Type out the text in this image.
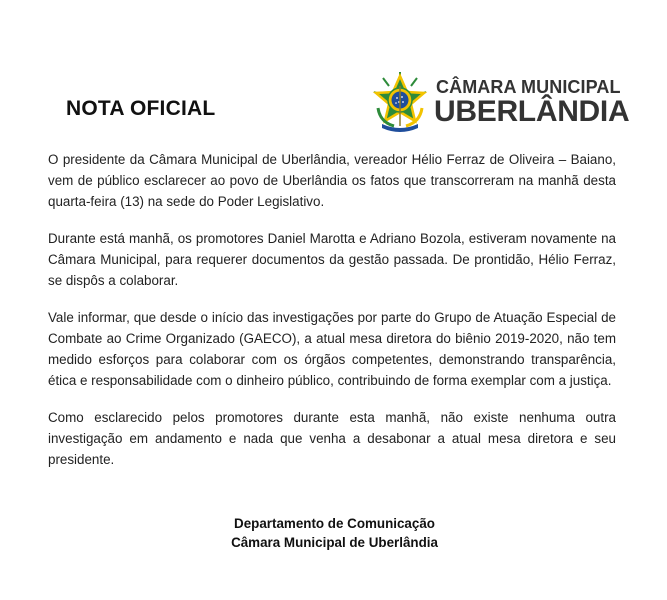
NOTA OFICIAL
CÂMARA MUNICIPAL
UBERLÂNDIA

O presidente da Câmara Municipal de Uberlândia, vereador Hélio Ferraz de Oliveira – Baiano, vem de público esclarecer ao povo de Uberlândia os fatos que transcorreram na manhã desta quarta-feira (13) na sede do Poder Legislativo.

Durante está manhã, os promotores Daniel Marotta e Adriano Bozola, estiveram novamente na Câmara Municipal, para requerer documentos da gestão passada. De prontidão, Hélio Ferraz, se dispôs a colaborar.

Vale informar, que desde o início das investigações por parte do Grupo de Atuação Especial de Combate ao Crime Organizado (GAECO), a atual mesa diretora do biênio 2019-2020, não tem medido esforços para colaborar com os órgãos competentes, demonstrando transparência, ética e responsabilidade com o dinheiro público, contribuindo de forma exemplar com a justiça.

Como esclarecido pelos promotores durante esta manhã, não existe nenhuma outra investigação em andamento e nada que venha a desabonar a atual mesa diretora e seu presidente.

Departamento de Comunicação
Câmara Municipal de Uberlândia
